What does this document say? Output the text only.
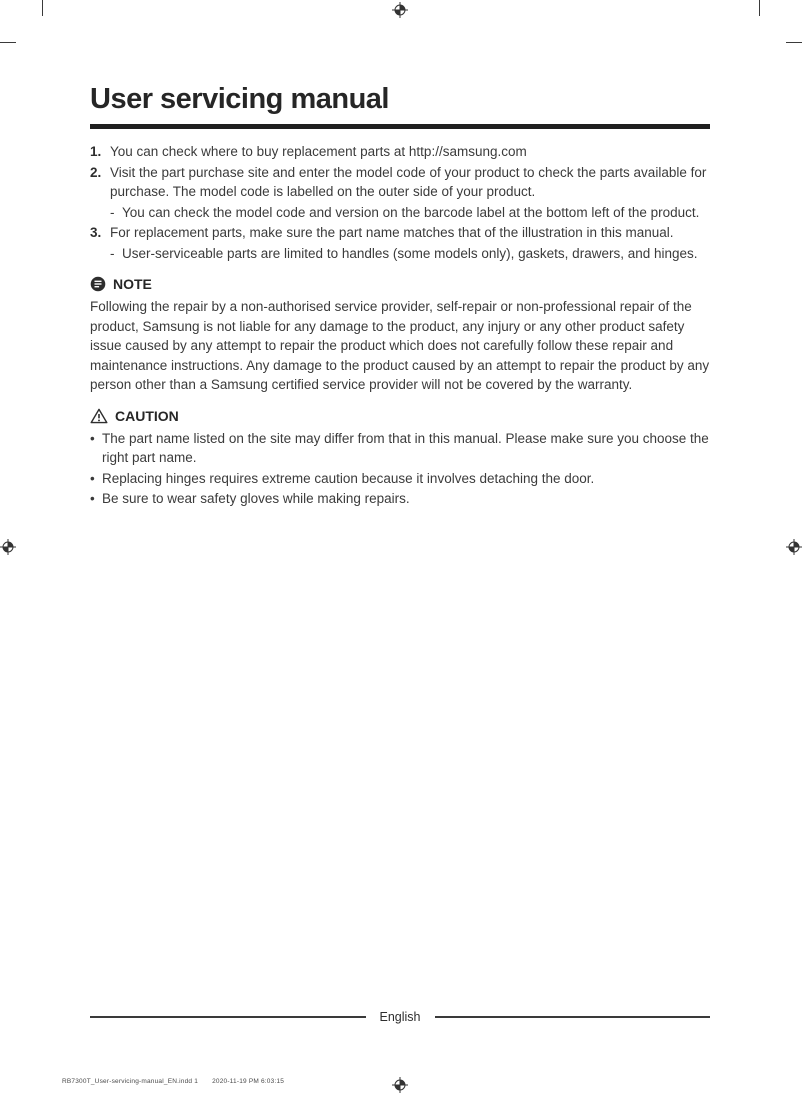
User servicing manual
1. You can check where to buy replacement parts at http://samsung.com

2. Visit the part purchase site and enter the model code of your product to check the parts available for purchase. The model code is labelled on the outer side of your product.

- You can check the model code and version on the barcode label at the bottom left of the product.

3. For replacement parts, make sure the part name matches that of the illustration in this manual.

- User-serviceable parts are limited to handles (some models only), gaskets, drawers, and hinges.

NOTE

Following the repair by a non-authorised service provider, self-repair or non-professional repair of the product, Samsung is not liable for any damage to the product, any injury or any other product safety issue caused by any attempt to repair the product which does not carefully follow these repair and maintenance instructions. Any damage to the product caused by an attempt to repair the product by any person other than a Samsung certified service provider will not be covered by the warranty.

CAUTION
• The part name listed on the site may differ from that in this manual. Please make sure you choose the right part name.

• Replacing hinges requires extreme caution because it involves detaching the door.

• Be sure to wear safety gloves while making repairs.

English
RB7300T_User-servicing-manual_EN.indd 1 2020-11-19 PM 6:03:15
